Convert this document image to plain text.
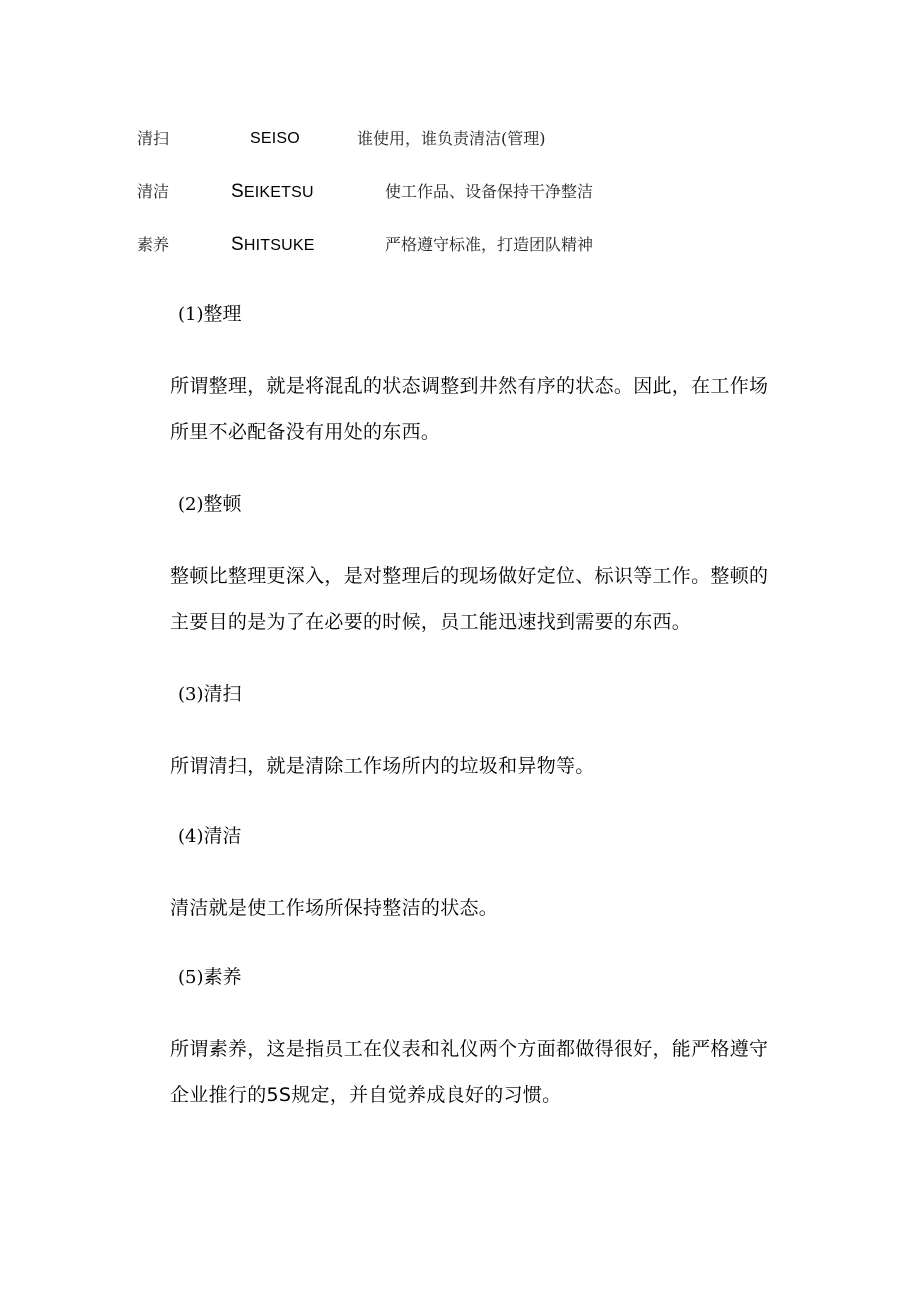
清扫	SEISO	谁使用，谁负责清洁(管理)
清洁	SEIKETSU	使工作品、设备保持干净整洁
素养	SHITSUKE	严格遵守标准，打造团队精神
(1)整理

所谓整理，就是将混乱的状态调整到井然有序的状态。因此，在工作场所里不必配备没有用处的东西。

(2)整顿

整顿比整理更深入，是对整理后的现场做好定位、标识等工作。整顿的主要目的是为了在必要的时候，员工能迅速找到需要的东西。

(3)清扫

所谓清扫，就是清除工作场所内的垃圾和异物等。

(4)清洁

清洁就是使工作场所保持整洁的状态。

(5)素养

所谓素养，这是指员工在仪表和礼仪两个方面都做得很好，能严格遵守企业推行的5S规定，并自觉养成良好的习惯。
